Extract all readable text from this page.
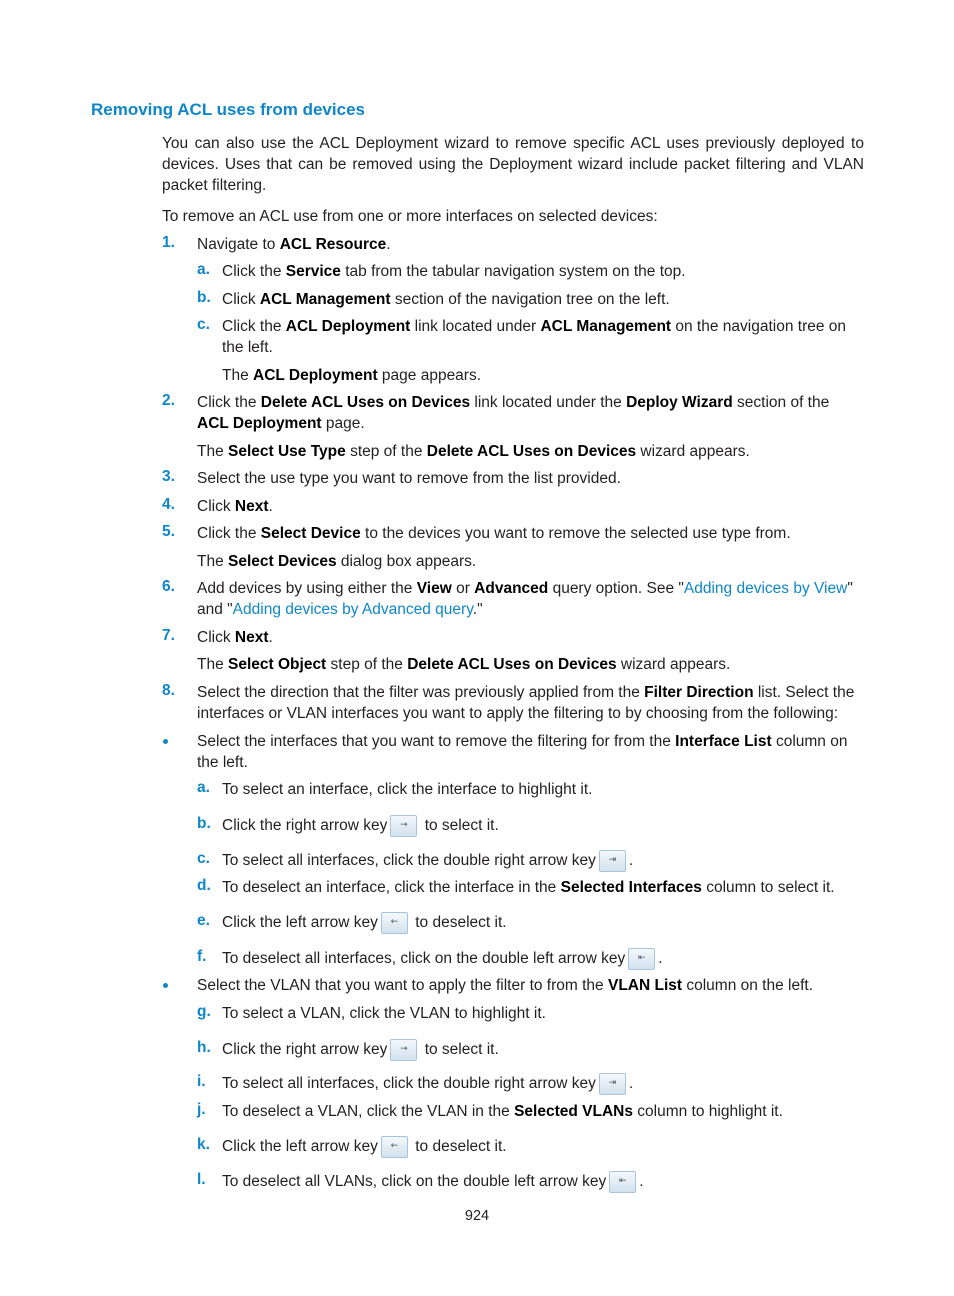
Removing ACL uses from devices
You can also use the ACL Deployment wizard to remove specific ACL uses previously deployed to devices. Uses that can be removed using the Deployment wizard include packet filtering and VLAN packet filtering.
To remove an ACL use from one or more interfaces on selected devices:
1. Navigate to ACL Resource.
a. Click the Service tab from the tabular navigation system on the top.
b. Click ACL Management section of the navigation tree on the left.
c. Click the ACL Deployment link located under ACL Management on the navigation tree on the left.
The ACL Deployment page appears.
2. Click the Delete ACL Uses on Devices link located under the Deploy Wizard section of the ACL Deployment page.
The Select Use Type step of the Delete ACL Uses on Devices wizard appears.
3. Select the use type you want to remove from the list provided.
4. Click Next.
5. Click the Select Device to the devices you want to remove the selected use type from.
The Select Devices dialog box appears.
6. Add devices by using either the View or Advanced query option. See "Adding devices by View" and "Adding devices by Advanced query."
7. Click Next.
The Select Object step of the Delete ACL Uses on Devices wizard appears.
8. Select the direction that the filter was previously applied from the Filter Direction list. Select the interfaces or VLAN interfaces you want to apply the filtering to by choosing from the following:
Select the interfaces that you want to remove the filtering for from the Interface List column on the left.
a. To select an interface, click the interface to highlight it.
b. Click the right arrow key → to select it.
c. To select all interfaces, click the double right arrow key ⇥ .
d. To deselect an interface, click the interface in the Selected Interfaces column to select it.
e. Click the left arrow key ← to deselect it.
f. To deselect all interfaces, click on the double left arrow key ⇤ .
Select the VLAN that you want to apply the filter to from the VLAN List column on the left.
g. To select a VLAN, click the VLAN to highlight it.
h. Click the right arrow key → to select it.
i. To select all interfaces, click the double right arrow key ⇥ .
j. To deselect a VLAN, click the VLAN in the Selected VLANs column to highlight it.
k. Click the left arrow key ← to deselect it.
l. To deselect all VLANs, click on the double left arrow key ⇤ .
924
